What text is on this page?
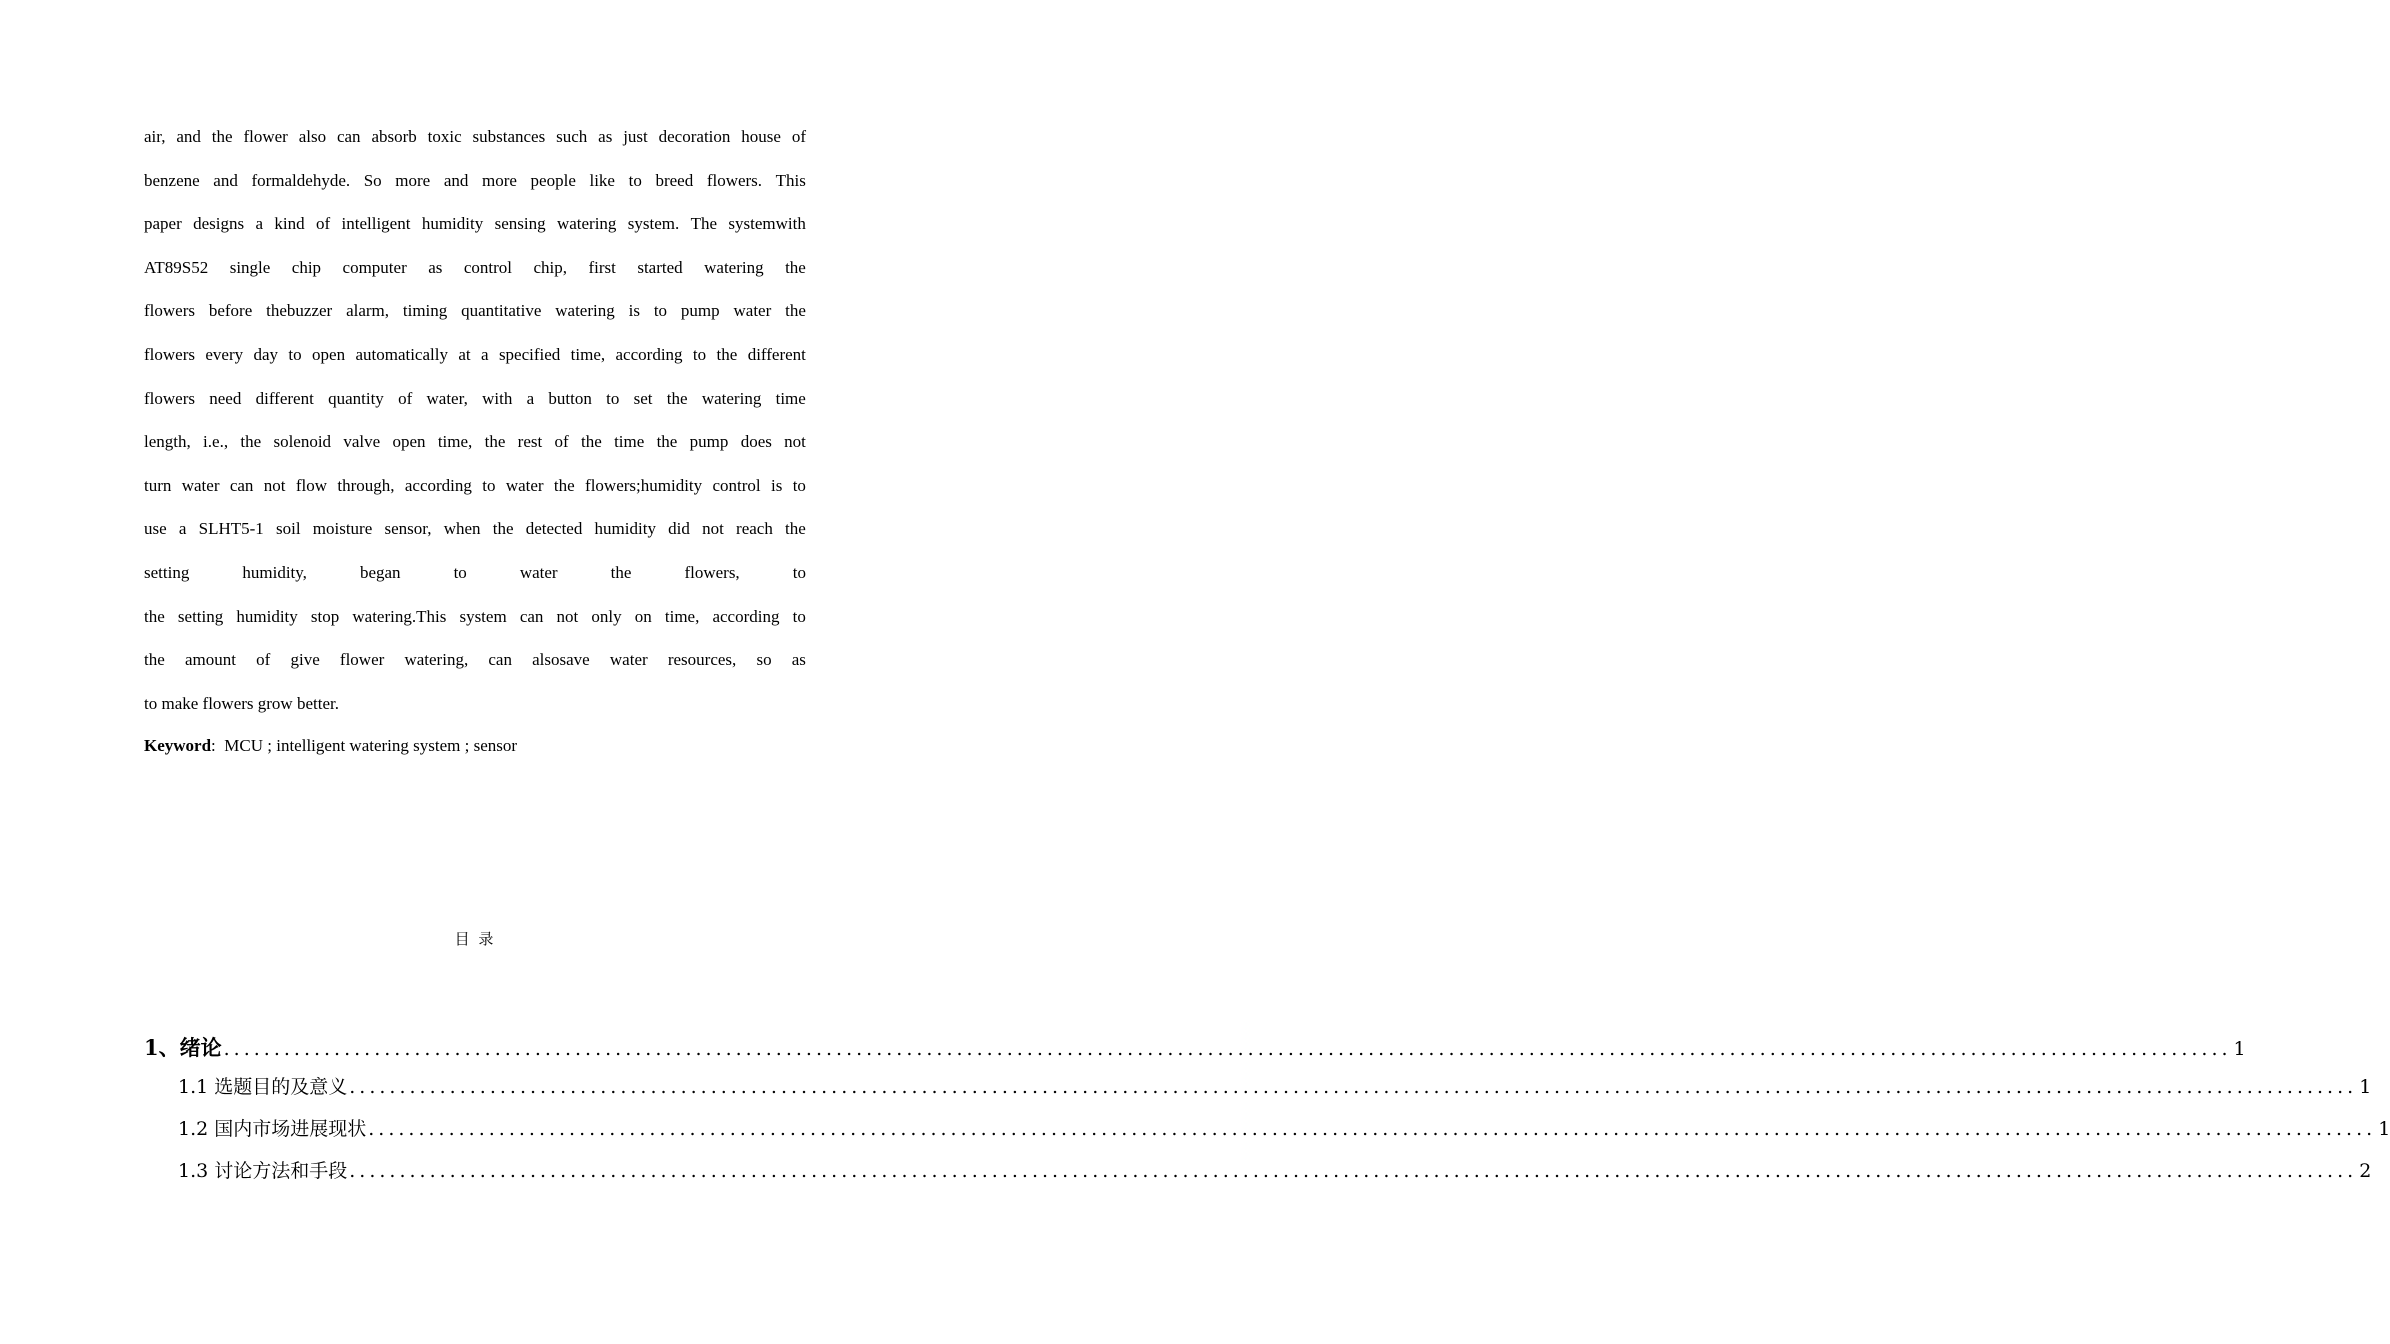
air, and the flower also can absorb toxic substances such as just decoration house of
benzene and formaldehyde. So more and more people like to breed flowers. This
paper designs a kind of intelligent humidity sensing watering system. The systemwith
AT89S52 single chip computer as control chip, first started watering the
flowers before thebuzzer alarm, timing quantitative watering is to pump water the
flowers every day to open automatically at a specified time, according to the different
flowers need different quantity of water, with a button to set the watering time
length, i.e., the solenoid valve open time, the rest of the time the pump does not
turn water can not flow through, according to water the flowers;humidity control is to
use a SLHT5-1 soil moisture sensor, when the detected humidity did not reach the
setting	humidity,	began	to	water	the	flowers,	to
the setting humidity stop watering.This system can not only on time, according to
the amount of give flower watering, can alsosave water resources, so as
to make flowers grow better.
Keyword: MCU ; intelligent watering system ; sensor
目 录
1、绪论 ........................................................................................................................................................................................................ 1
1.1 选题目的及意义 ........................................................................................................................................................................................................ 1
1.2 国内市场进展现状 ........................................................................................................................................................................................................ 1
1.3 讨论方法和手段 ........................................................................................................................................................................................................ 2
